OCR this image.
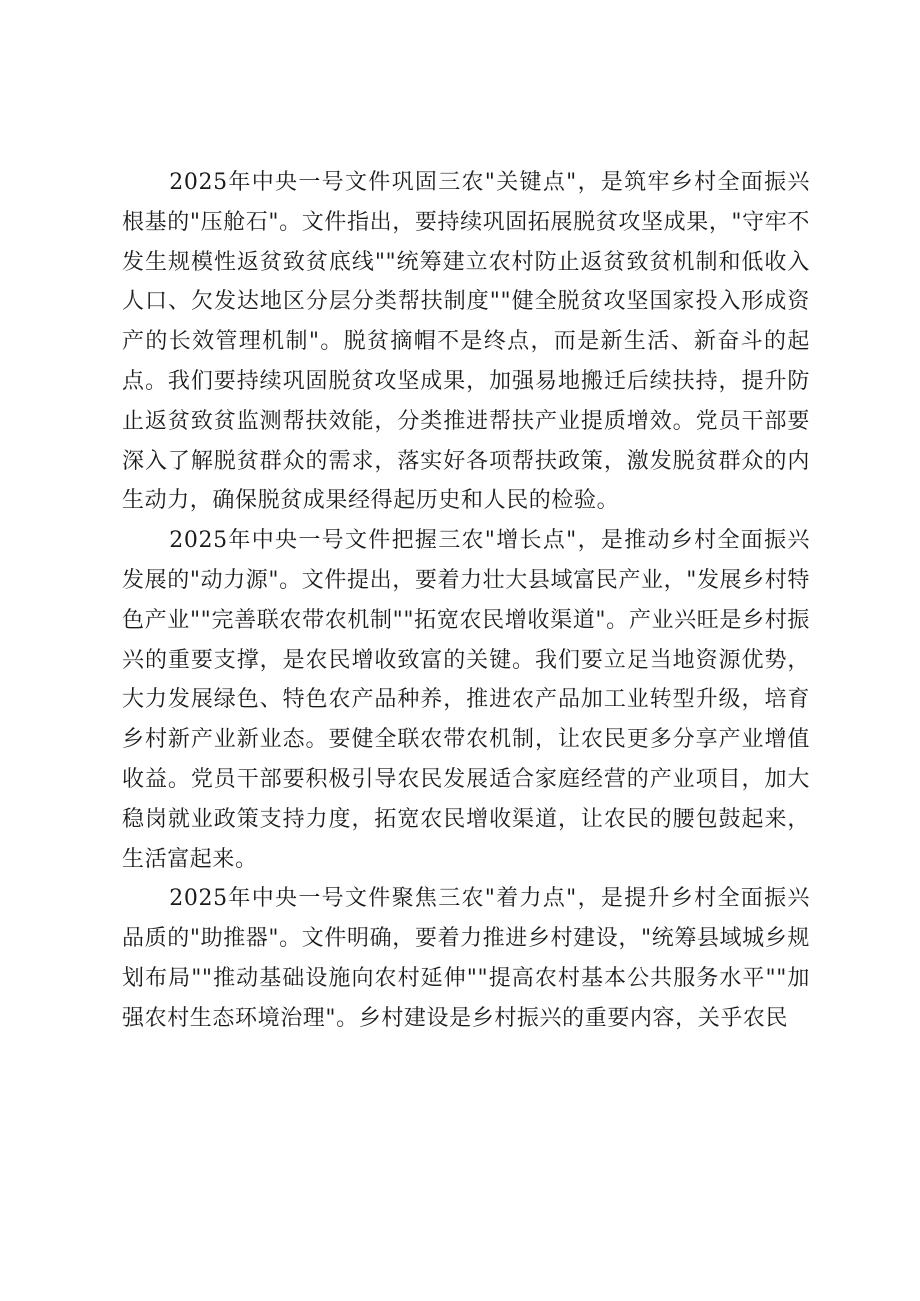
2025年中央一号文件巩固三农"关键点"，是筑牢乡村全面振兴根基的"压舱石"。文件指出，要持续巩固拓展脱贫攻坚成果，"守牢不发生规模性返贫致贫底线""统筹建立农村防止返贫致贫机制和低收入人口、欠发达地区分层分类帮扶制度""健全脱贫攻坚国家投入形成资产的长效管理机制"。脱贫摘帽不是终点，而是新生活、新奋斗的起点。我们要持续巩固脱贫攻坚成果，加强易地搬迁后续扶持，提升防止返贫致贫监测帮扶效能，分类推进帮扶产业提质增效。党员干部要深入了解脱贫群众的需求，落实好各项帮扶政策，激发脱贫群众的内生动力，确保脱贫成果经得起历史和人民的检验。

2025年中央一号文件把握三农"增长点"，是推动乡村全面振兴发展的"动力源"。文件提出，要着力壮大县域富民产业，"发展乡村特色产业""完善联农带农机制""拓宽农民增收渠道"。产业兴旺是乡村振兴的重要支撑，是农民增收致富的关键。我们要立足当地资源优势，大力发展绿色、特色农产品种养，推进农产品加工业转型升级，培育乡村新产业新业态。要健全联农带农机制，让农民更多分享产业增值收益。党员干部要积极引导农民发展适合家庭经营的产业项目，加大稳岗就业政策支持力度，拓宽农民增收渠道，让农民的腰包鼓起来，生活富起来。

2025年中央一号文件聚焦三农"着力点"，是提升乡村全面振兴品质的"助推器"。文件明确，要着力推进乡村建设，"统筹县域城乡规划布局""推动基础设施向农村延伸""提高农村基本公共服务水平""加强农村生态环境治理"。乡村建设是乡村振兴的重要内容，关乎农民
